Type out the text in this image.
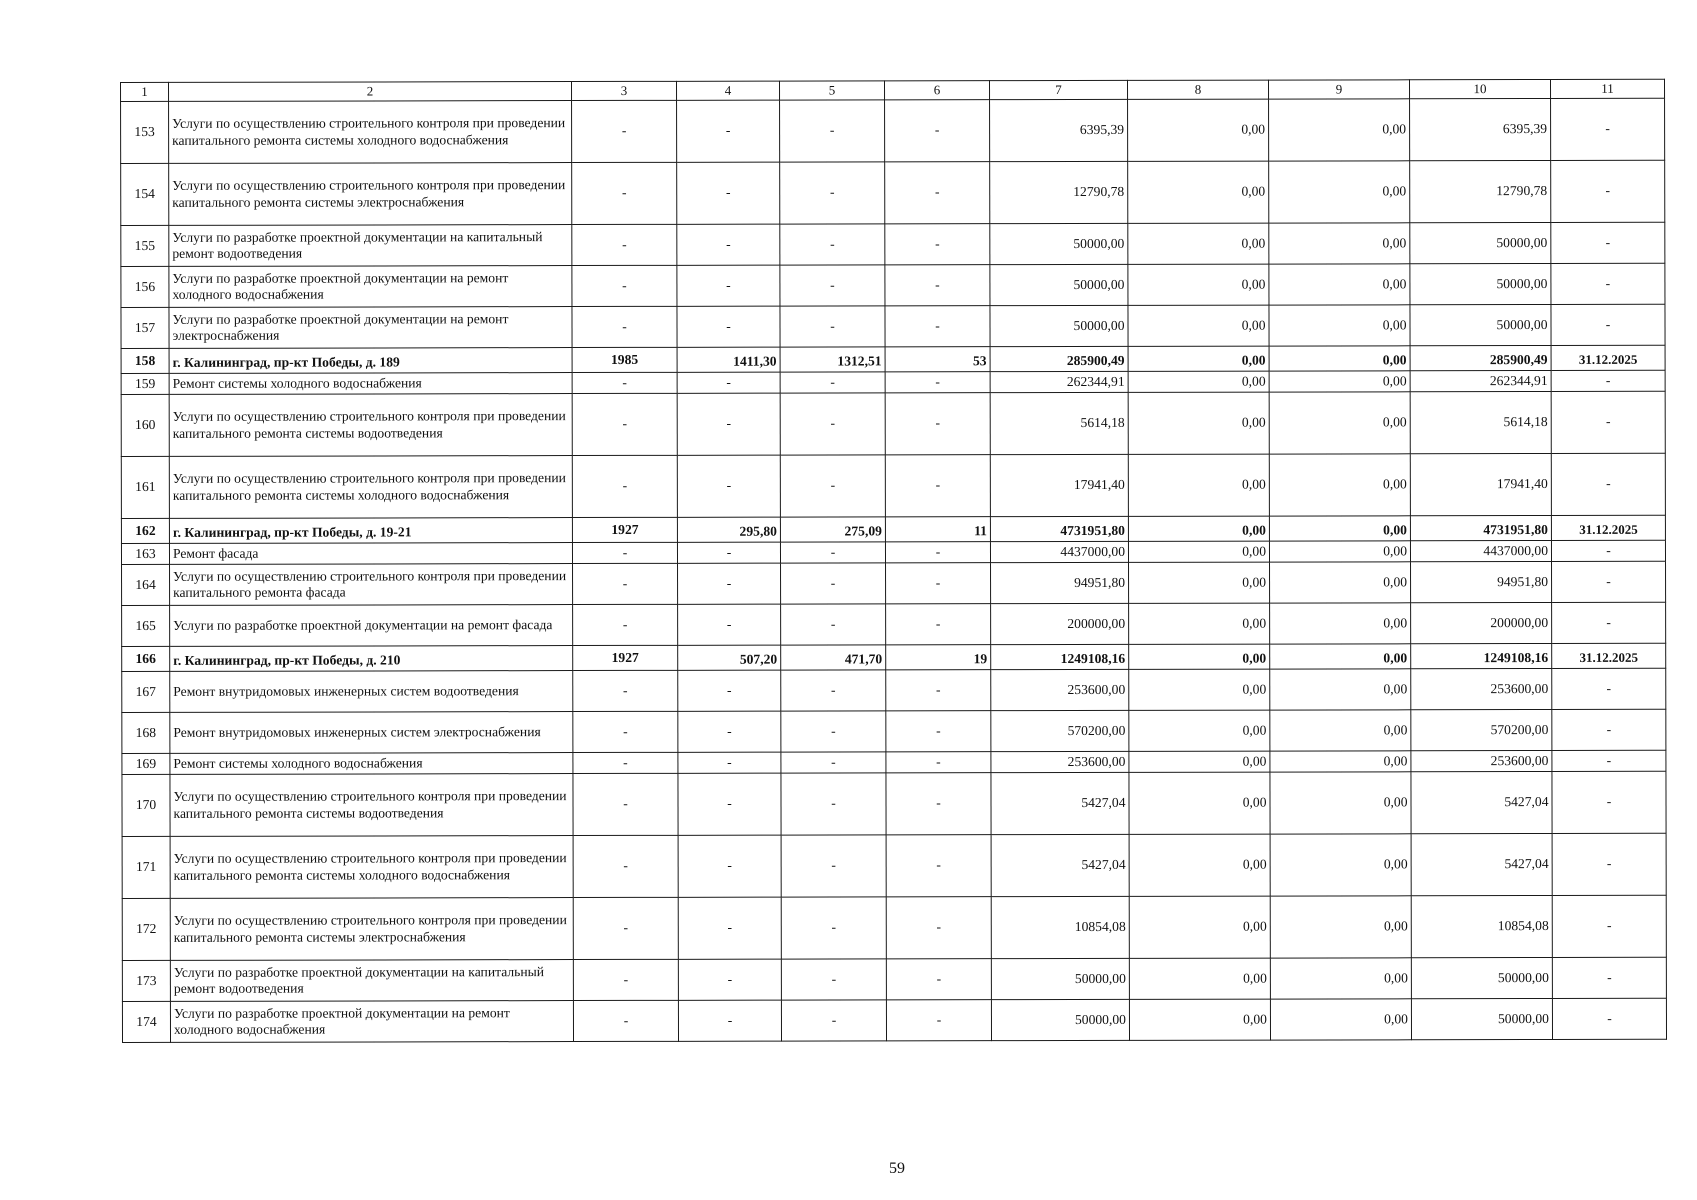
1	2	3	4	5	6	7	8	9	10	11
153	Услуги по осуществлению строительного контроля при проведении капитального ремонта системы холодного водоснабжения	-	-	-	-	6395,39	0,00	0,00	6395,39	-
154	Услуги по осуществлению строительного контроля при проведении капитального ремонта системы электроснабжения	-	-	-	-	12790,78	0,00	0,00	12790,78	-
155	Услуги по разработке проектной документации на капитальный ремонт водоотведения	-	-	-	-	50000,00	0,00	0,00	50000,00	-
156	Услуги по разработке проектной документации на ремонт холодного водоснабжения	-	-	-	-	50000,00	0,00	0,00	50000,00	-
157	Услуги по разработке проектной документации на ремонт электроснабжения	-	-	-	-	50000,00	0,00	0,00	50000,00	-
158	г. Калининград, пр-кт Победы, д. 189	1985	1411,30	1312,51	53	285900,49	0,00	0,00	285900,49	31.12.2025
159	Ремонт системы холодного водоснабжения	-	-	-	-	262344,91	0,00	0,00	262344,91	-
160	Услуги по осуществлению строительного контроля при проведении капитального ремонта системы водоотведения	-	-	-	-	5614,18	0,00	0,00	5614,18	-
161	Услуги по осуществлению строительного контроля при проведении капитального ремонта системы холодного водоснабжения	-	-	-	-	17941,40	0,00	0,00	17941,40	-
162	г. Калининград, пр-кт Победы, д. 19-21	1927	295,80	275,09	11	4731951,80	0,00	0,00	4731951,80	31.12.2025
163	Ремонт фасада	-	-	-	-	4437000,00	0,00	0,00	4437000,00	-
164	Услуги по осуществлению строительного контроля при проведении капитального ремонта фасада	-	-	-	-	94951,80	0,00	0,00	94951,80	-
165	Услуги по разработке проектной документации на ремонт фасада	-	-	-	-	200000,00	0,00	0,00	200000,00	-
166	г. Калининград, пр-кт Победы, д. 210	1927	507,20	471,70	19	1249108,16	0,00	0,00	1249108,16	31.12.2025
167	Ремонт внутридомовых инженерных систем водоотведения	-	-	-	-	253600,00	0,00	0,00	253600,00	-
168	Ремонт внутридомовых инженерных систем электроснабжения	-	-	-	-	570200,00	0,00	0,00	570200,00	-
169	Ремонт системы холодного водоснабжения	-	-	-	-	253600,00	0,00	0,00	253600,00	-
170	Услуги по осуществлению строительного контроля при проведении капитального ремонта системы водоотведения	-	-	-	-	5427,04	0,00	0,00	5427,04	-
171	Услуги по осуществлению строительного контроля при проведении капитального ремонта системы холодного водоснабжения	-	-	-	-	5427,04	0,00	0,00	5427,04	-
172	Услуги по осуществлению строительного контроля при проведении капитального ремонта системы электроснабжения	-	-	-	-	10854,08	0,00	0,00	10854,08	-
173	Услуги по разработке проектной документации на капитальный ремонт водоотведения	-	-	-	-	50000,00	0,00	0,00	50000,00	-
174	Услуги по разработке проектной документации на ремонт холодного водоснабжения	-	-	-	-	50000,00	0,00	0,00	50000,00	-
59
